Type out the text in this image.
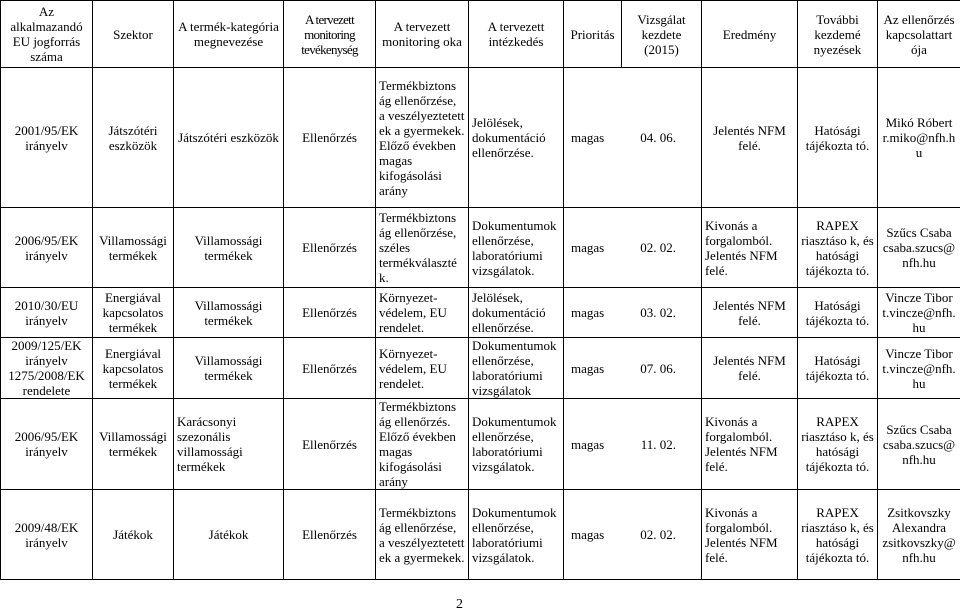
Az alkalmazandó EU jogforrás száma	Szektor	A termék-kategória megnevezése	A tervezett monitoring tevékenység	A tervezett monitoring oka	A tervezett intézkedés	Prioritás	Vizsgálat kezdete (2015)	Eredmény	További kezdemé nyezések	Az ellenőrzés kapcsolattart ója
2001/95/EK irányelv	Játszótéri eszközök	Játszótéri eszközök	Ellenőrzés	Termékbiztons ág ellenőrzése, a veszélyeztetett ek a gyermekek. Előző években magas kifogásolási arány	Jelölések, dokumentáció ellenőrzése.	magas 04. 06.		Jelentés NFM felé.	Hatósági tájékozta tó.	Mikó Róbert r.miko@nfh.h u
2006/95/EK irányelv	Villamossági termékek	Villamossági termékek	Ellenőrzés	Termékbiztons ág ellenőrzése, széles termékválaszté k.	Dokumentumok ellenőrzése, laboratóriumi vizsgálatok.	magas 02. 02.		Kivonás a forgalomból. Jelentés NFM felé.	RAPEX riasztáso k, és hatósági tájékozta tó.	Szűcs Csaba csaba.szucs@ nfh.hu
2010/30/EU irányelv	Energiával kapcsolatos termékek	Villamossági termékek	Ellenőrzés	Környezet-védelem, EU rendelet.	Jelölések, dokumentáció ellenőrzése.	magas 03. 02.		Jelentés NFM felé.	Hatósági tájékozta tó.	Vincze Tibor t.vincze@nfh. hu
2009/125/EK irányelv 1275/2008/EK rendelete	Energiával kapcsolatos termékek	Villamossági termékek	Ellenőrzés	Környezet-védelem, EU rendelet.	Dokumentumok ellenőrzése, laboratóriumi vizsgálatok	magas 07. 06.		Jelentés NFM felé.	Hatósági tájékozta tó.	Vincze Tibor t.vincze@nfh. hu
2006/95/EK irányelv	Villamossági termékek	Karácsonyi szezonális villamossági termékek	Ellenőrzés	Termékbiztons ág ellenőrzés. Előző években magas kifogásolási arány	Dokumentumok ellenőrzése, laboratóriumi vizsgálatok.	magas 11. 02.		Kivonás a forgalomból. Jelentés NFM felé.	RAPEX riasztáso k, és hatósági tájékozta tó.	Szűcs Csaba csaba.szucs@ nfh.hu
2009/48/EK irányelv	Játékok	Játékok	Ellenőrzés	Termékbiztons ág ellenőrzése, a veszélyeztetett ek a gyermekek.	Dokumentumok ellenőrzése, laboratóriumi vizsgálatok.	magas 02. 02.		Kivonás a forgalomból. Jelentés NFM felé.	RAPEX riasztáso k, és hatósági tájékozta tó.	Zsitkovszky Alexandra zsitkovszky@ nfh.hu
2
